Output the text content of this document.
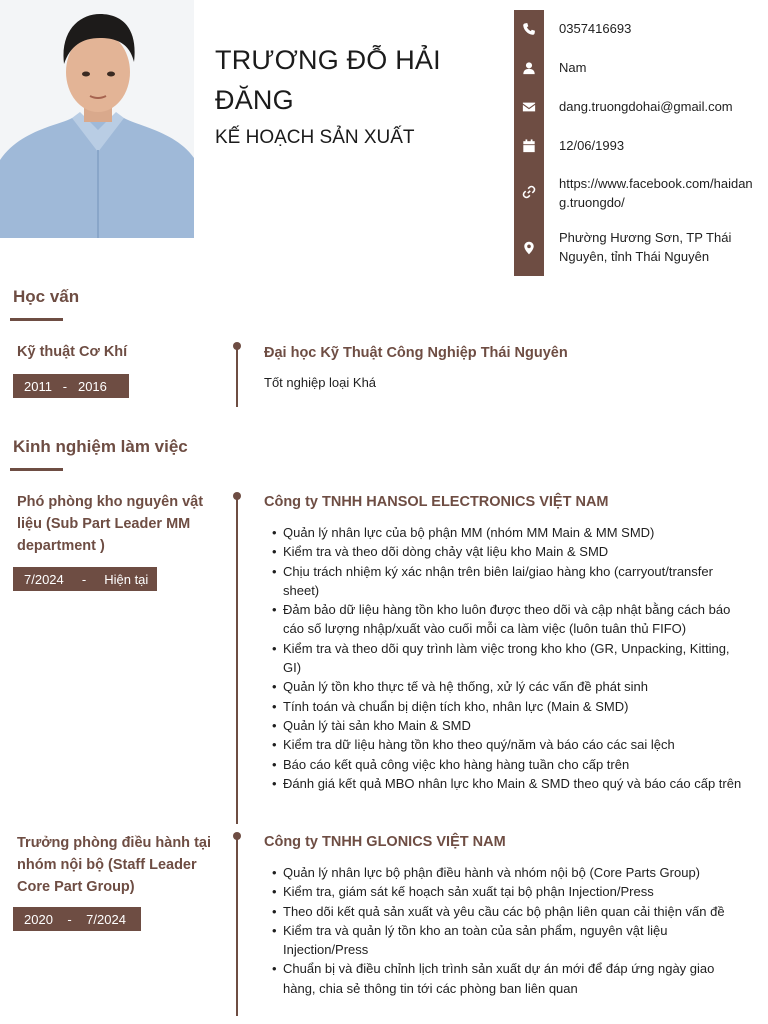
TRƯƠNG ĐỖ HẢI ĐĂNG
KẾ HOẠCH SẢN XUẤT
0357416693
Nam
dang.truongdohai@gmail.com
12/06/1993
https://www.facebook.com/haidang.truongdo/
Phường Hương Sơn, TP Thái Nguyên, tỉnh Thái Nguyên
Học vấn
Kỹ thuật Cơ Khí
2011 - 2016
Đại học Kỹ Thuật Công Nghiệp Thái Nguyên
Tốt nghiệp loại Khá
Kinh nghiệm làm việc
Phó phòng kho nguyên vật liệu (Sub Part Leader MM department )
7/2024 - Hiện tại
Công ty TNHH HANSOL ELECTRONICS VIỆT NAM
• Quản lý nhân lực của bộ phận MM (nhóm MM Main & MM SMD)
• Kiểm tra và theo dõi dòng chảy vật liệu kho Main & SMD
• Chịu trách nhiệm ký xác nhận trên biên lai/giao hàng kho (carryout/transfer sheet)
• Đảm bảo dữ liệu hàng tồn kho luôn được theo dõi và cập nhật bằng cách báo cáo số lượng nhập/xuất vào cuối mỗi ca làm việc (luôn tuân thủ FIFO)
• Kiểm tra và theo dõi quy trình làm việc trong kho kho (GR, Unpacking, Kitting, GI)
• Quản lý tồn kho thực tế và hệ thống, xử lý các vấn đề phát sinh
• Tính toán và chuẩn bị diện tích kho, nhân lực (Main & SMD)
• Quản lý tài sản kho Main & SMD
• Kiểm tra dữ liệu hàng tồn kho theo quý/năm và báo cáo các sai lệch
• Báo cáo kết quả công việc kho hàng hàng tuần cho cấp trên
• Đánh giá kết quả MBO nhân lực kho Main & SMD theo quý và báo cáo cấp trên
Trưởng phòng điều hành tại nhóm nội bộ (Staff Leader Core Part Group)
2020 - 7/2024
Công ty TNHH GLONICS VIỆT NAM
• Quản lý nhân lực bộ phận điều hành và nhóm nội bộ (Core Parts Group)
• Kiểm tra, giám sát kế hoạch sản xuất tại bộ phận Injection/Press
• Theo dõi kết quả sản xuất và yêu cầu các bộ phận liên quan cải thiện vấn đề
• Kiểm tra và quản lý tồn kho an toàn của sản phẩm, nguyên vật liệu Injection/Press
• Chuẩn bị và điều chỉnh lịch trình sản xuất dự án mới để đáp ứng ngày giao hàng, chia sẻ thông tin tới các phòng ban liên quan
